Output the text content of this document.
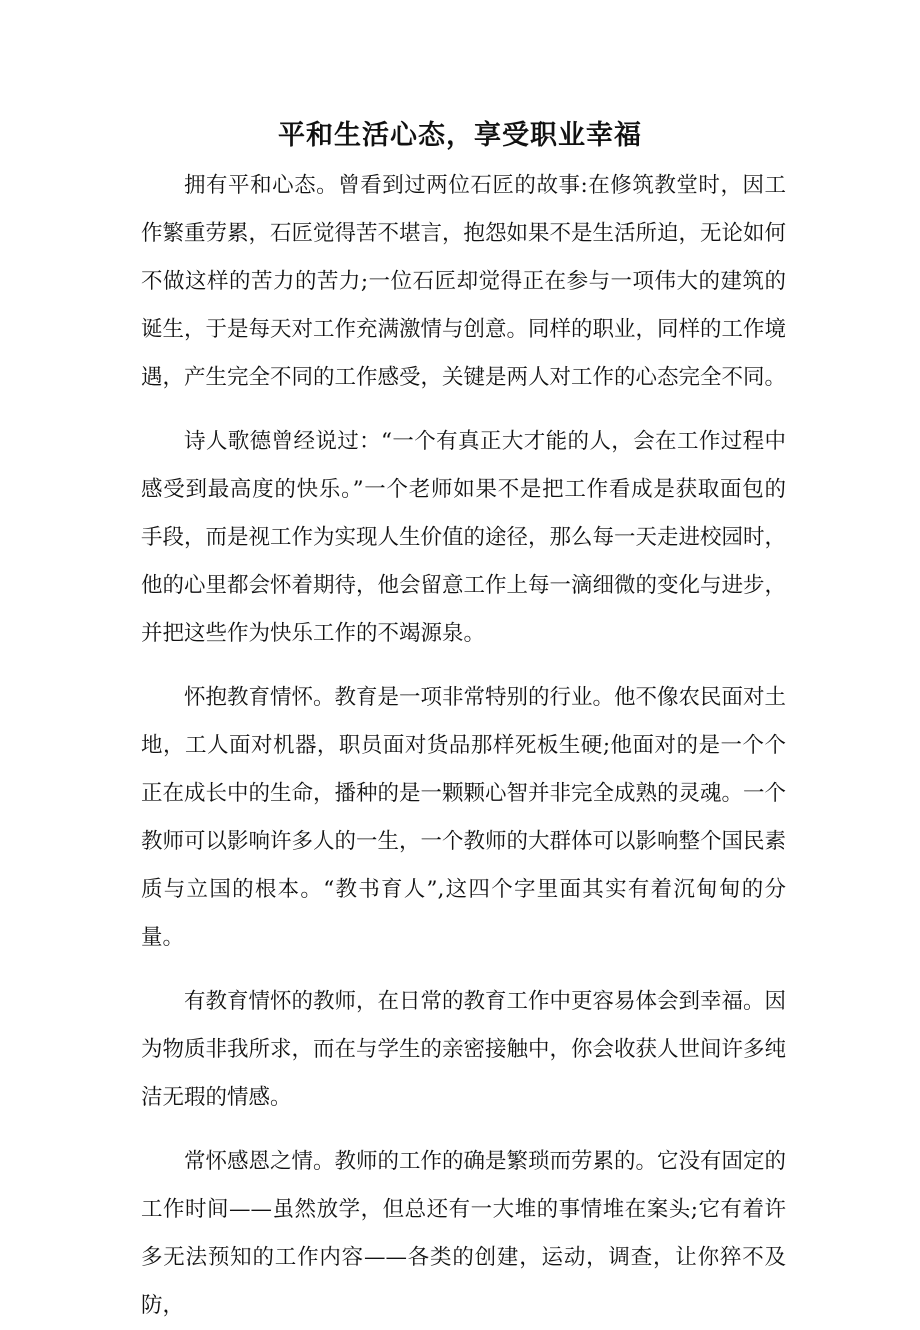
平和生活心态，享受职业幸福

拥有平和心态。曾看到过两位石匠的故事:在修筑教堂时，因工作繁重劳累，石匠觉得苦不堪言，抱怨如果不是生活所迫，无论如何不做这样的苦力的苦力;一位石匠却觉得正在参与一项伟大的建筑的诞生，于是每天对工作充满激情与创意。同样的职业，同样的工作境遇，产生完全不同的工作感受，关键是两人对工作的心态完全不同。

诗人歌德曾经说过：“一个有真正大才能的人，会在工作过程中感受到最高度的快乐。”一个老师如果不是把工作看成是获取面包的手段，而是视工作为实现人生价值的途径，那么每一天走进校园时，他的心里都会怀着期待，他会留意工作上每一滴细微的变化与进步，并把这些作为快乐工作的不竭源泉。

怀抱教育情怀。教育是一项非常特别的行业。他不像农民面对土地，工人面对机器，职员面对货品那样死板生硬;他面对的是一个个正在成长中的生命，播种的是一颗颗心智并非完全成熟的灵魂。一个教师可以影响许多人的一生，一个教师的大群体可以影响整个国民素质与立国的根本。“教书育人”,这四个字里面其实有着沉甸甸的分量。

有教育情怀的教师，在日常的教育工作中更容易体会到幸福。因为物质非我所求，而在与学生的亲密接触中，你会收获人世间许多纯洁无瑕的情感。

常怀感恩之情。教师的工作的确是繁琐而劳累的。它没有固定的工作时间——虽然放学，但总还有一大堆的事情堆在案头;它有着许多无法预知的工作内容——各类的创建，运动，调查，让你猝不及防，
